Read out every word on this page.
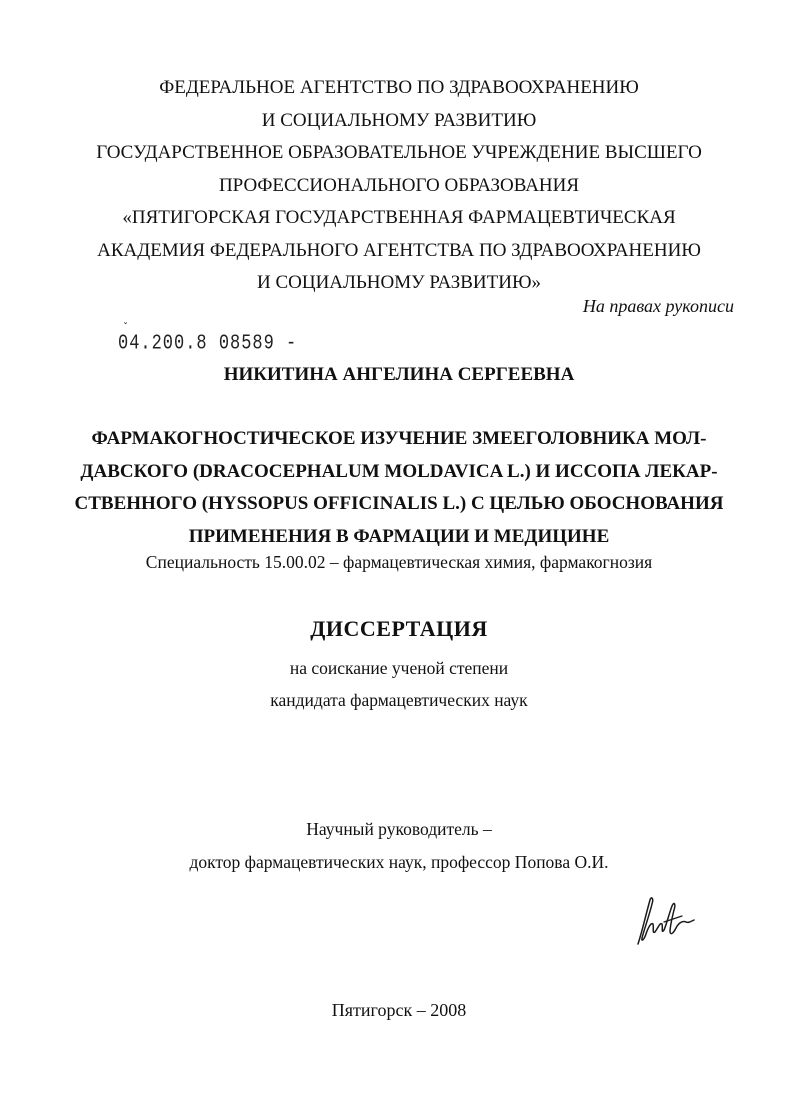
ФЕДЕРАЛЬНОЕ АГЕНТСТВО ПО ЗДРАВООХРАНЕНИЮ
И СОЦИАЛЬНОМУ РАЗВИТИЮ
ГОСУДАРСТВЕННОЕ ОБРАЗОВАТЕЛЬНОЕ УЧРЕЖДЕНИЕ ВЫСШЕГО
ПРОФЕССИОНАЛЬНОГО ОБРАЗОВАНИЯ
«ПЯТИГОРСКАЯ ГОСУДАРСТВЕННАЯ ФАРМАЦЕВТИЧЕСКАЯ
АКАДЕМИЯ ФЕДЕРАЛЬНОГО АГЕНТСТВА ПО ЗДРАВООХРАНЕНИЮ
И СОЦИАЛЬНОМУ РАЗВИТИЮ»
На правах рукописи
ˇ
04.200.8 08589 -
НИКИТИНА АНГЕЛИНА СЕРГЕЕВНА
ФАРМАКОГНОСТИЧЕСКОЕ ИЗУЧЕНИЕ ЗМЕЕГОЛОВНИКА МОЛ-
ДАВСКОГО (DRACOCEPHALUM MOLDAVICA L.) И ИССОПА ЛЕКАР-
СТВЕННОГО (HYSSOPUS OFFICINALIS L.) С ЦЕЛЬЮ ОБОСНОВАНИЯ
ПРИМЕНЕНИЯ В ФАРМАЦИИ И МЕДИЦИНЕ
Специальность 15.00.02 – фармацевтическая химия, фармакогнозия
ДИССЕРТАЦИЯ
на соискание ученой степени
кандидата фармацевтических наук
Научный руководитель –
доктор фармацевтических наук, профессор Попова О.И.
Пятигорск – 2008
